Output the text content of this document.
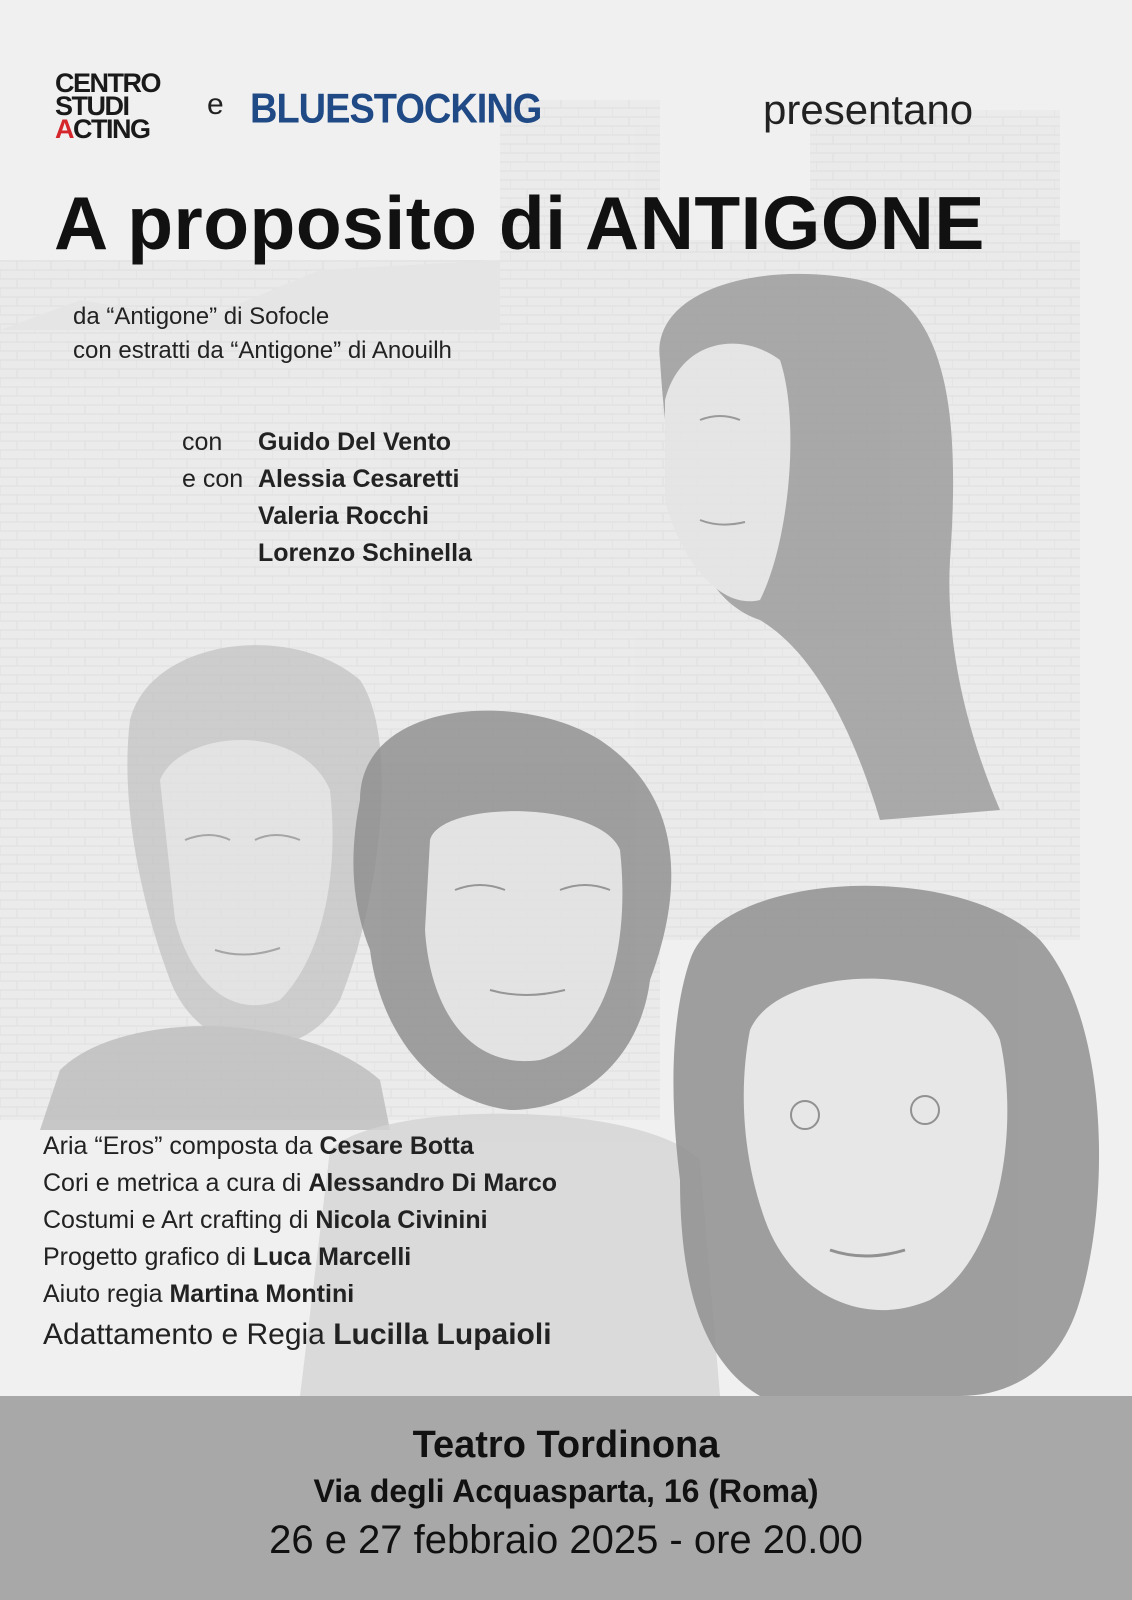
CENTRO
STUDI
ACTING
e BLUESTOCKING	presentano
A proposito di ANTIGONE
da “Antigone” di Sofocle
con estratti da “Antigone” di Anouilh
con	Guido Del Vento
e con Alessia Cesaretti
Valeria Rocchi
Lorenzo Schinella
Aria “Eros” composta da Cesare Botta
Cori e metrica a cura di Alessandro Di Marco
Costumi e Art crafting di Nicola Civinini
Progetto grafico di Luca Marcelli
Aiuto regia Martina Montini
Adattamento e Regia Lucilla Lupaioli
Teatro Tordinona
Via degli Acquasparta, 16 (Roma)
26 e 27 febbraio 2025 - ore 20.00
